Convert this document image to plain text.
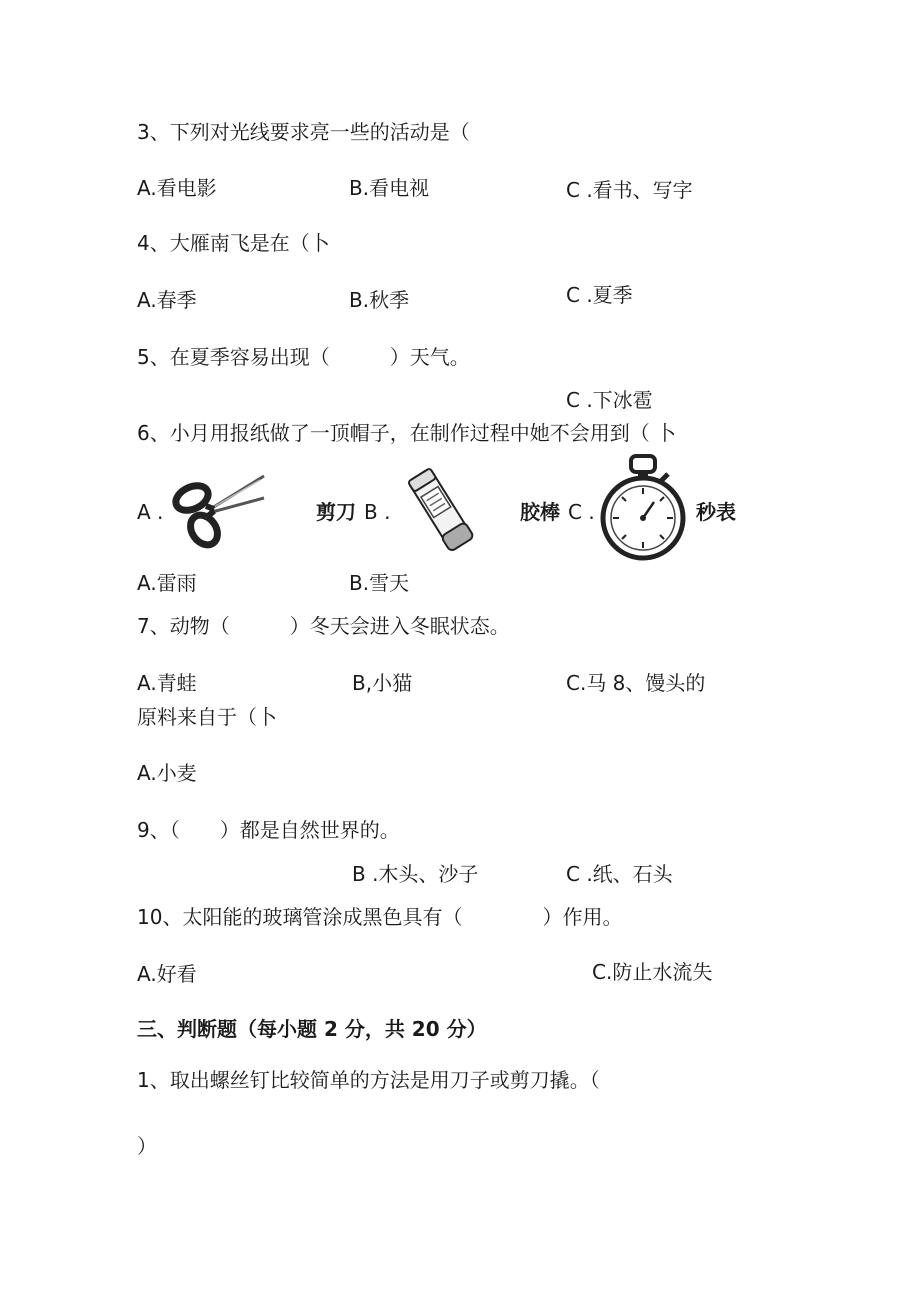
3、下列对光线要求亮一些的活动是（
A.看电影	B.看电视	C .看书、写字
4、大雁南飞是在（卜
A.春季	B.秋季	C .夏季
5、在夏季容易出现（　　　）天气。
C .下冰雹
6、小月用报纸做了一顶帽子，在制作过程中她不会用到（ 卜
A .	剪刀 B .	胶棒 C .	秒表
A.雷雨	B.雪天
7、动物（　　　）冬天会进入冬眠状态。
A.青蛙	B,小猫	C.马 8、馒头的
原料来自于（卜
A.小麦
9、（　　）都是自然世界的。
B .木头、沙子	C .纸、石头
10、太阳能的玻璃管涂成黑色具有（　　　　）作用。
A.好看	C.防止水流失
三、判断题（每小题 2 分，共 20 分）
1、取出螺丝钉比较简单的方法是用刀子或剪刀撬。（
）
